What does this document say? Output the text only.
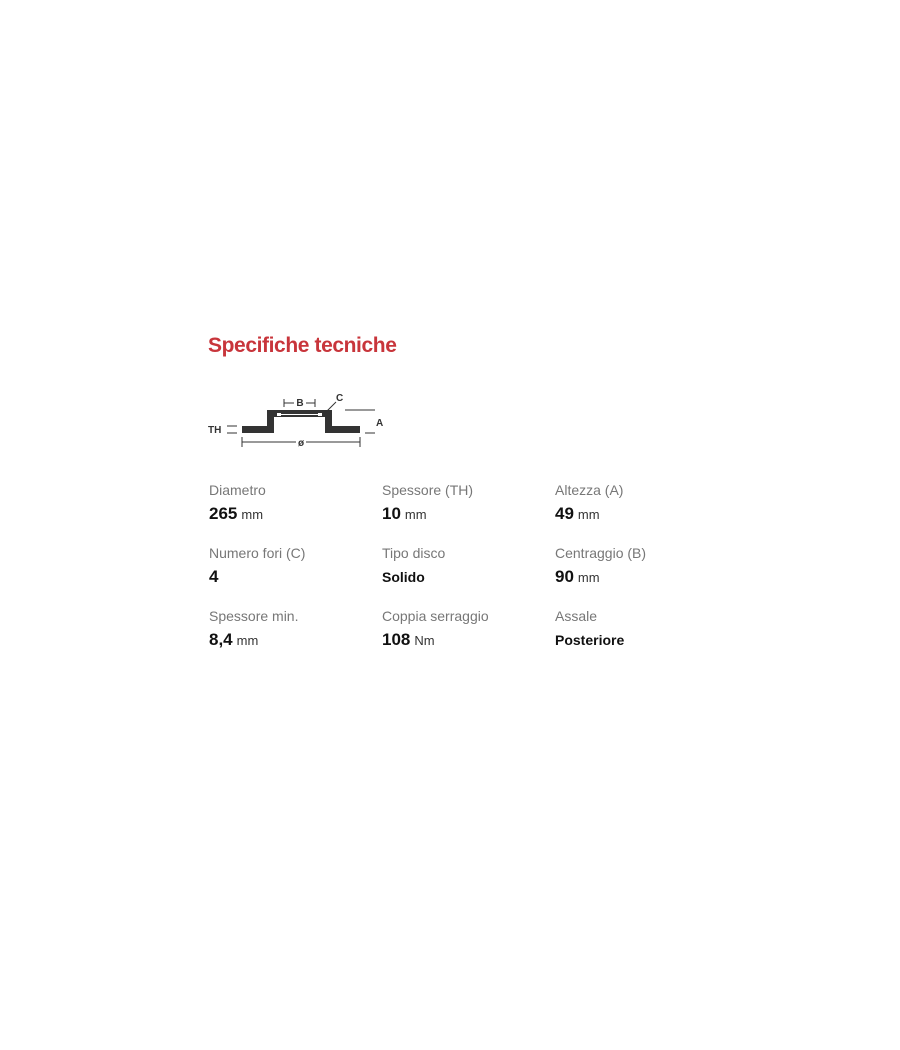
Specifiche tecniche
B	C
A
TH
ø
Diametro
265 mm
Spessore (TH)
10 mm
Altezza (A)
49 mm
Numero fori (C)
4
Tipo disco
Solido
Centraggio (B)
90 mm
Spessore min.
8,4 mm
Coppia serraggio
108 Nm
Assale
Posteriore
